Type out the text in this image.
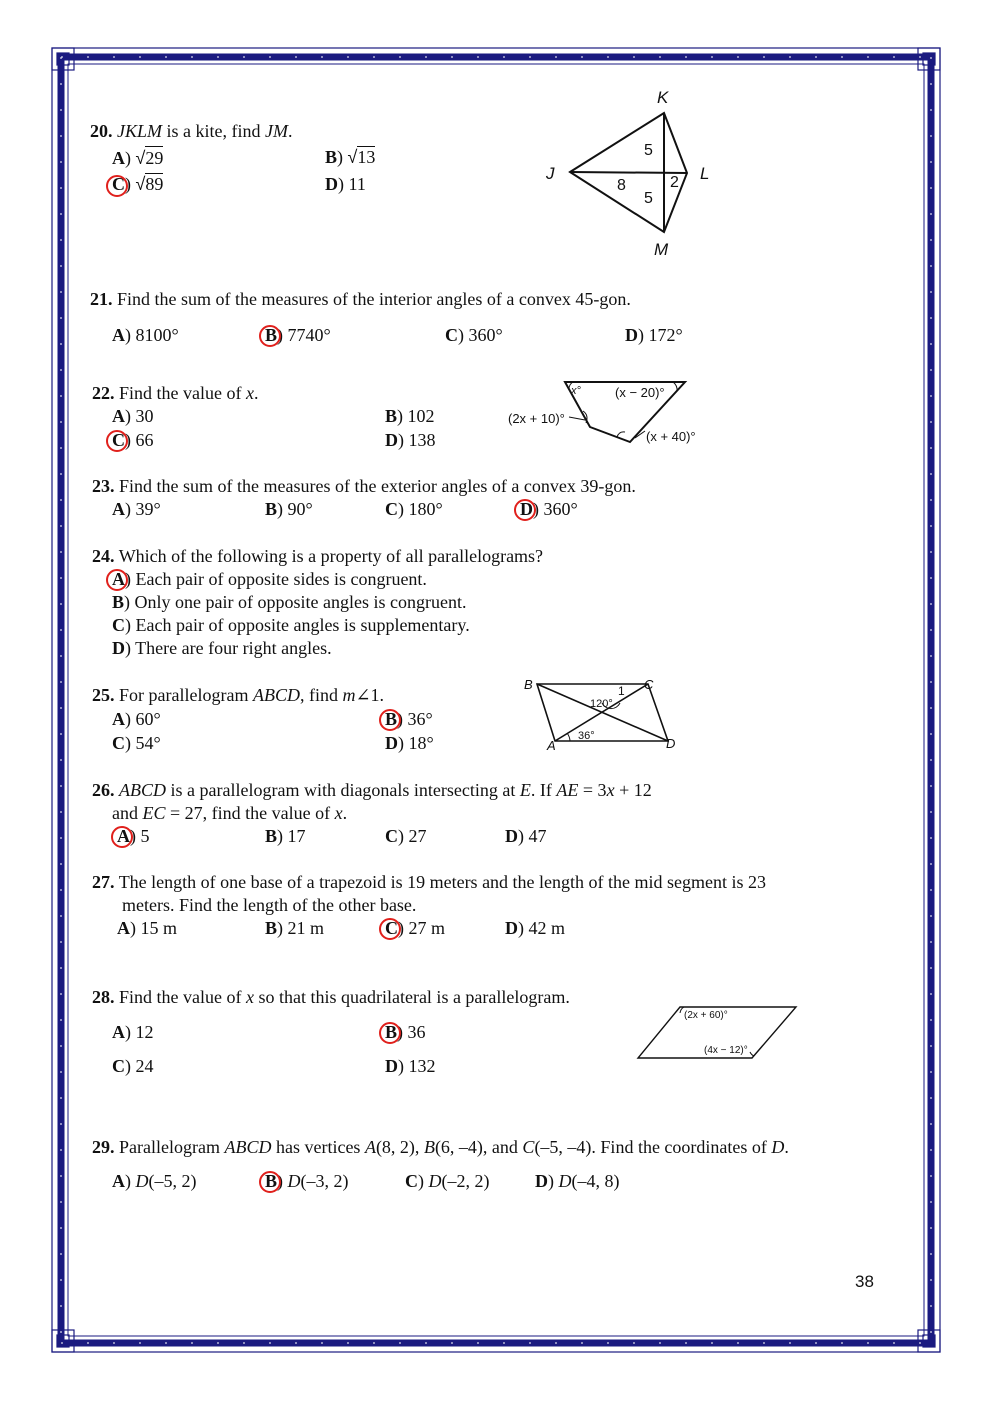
20. JKLM is a kite, find JM.
A) √29	B) √13
C) √89	D) 11
K
J	L
M
5
8
5
2
21. Find the sum of the measures of the interior angles of a convex 45-gon.
A) 8100°	B) 7740°	C) 360°	D) 172°
22. Find the value of x.
A) 30	B) 102
C) 66	D) 138
x°	(x − 20)°
(2x + 10)°
(x + 40)°
23. Find the sum of the measures of the exterior angles of a convex 39-gon.
A) 39°	B) 90°	C) 180°	D) 360°
24. Which of the following is a property of all parallelograms?
A) Each pair of opposite sides is congruent.
B) Only one pair of opposite angles is congruent.
C) Each pair of opposite angles is supplementary.
D) There are four right angles.
25. For parallelogram ABCD, find m∠1.
A) 60°	B) 36°
C) 54°	D) 18°
B	C
A	D
120°
1
36°
26. ABCD is a parallelogram with diagonals intersecting at E. If AE = 3x + 12
and EC = 27, find the value of x.
A) 5	B) 17	C) 27	D) 47
27. The length of one base of a trapezoid is 19 meters and the length of the mid segment is 23
meters. Find the length of the other base.
A) 15 m	B) 21 m	C) 27 m	D) 42 m
28. Find the value of x so that this quadrilateral is a parallelogram.
A) 12	B) 36
C) 24	D) 132
(2x + 60)°
(4x − 12)°
29. Parallelogram ABCD has vertices A(8, 2), B(6, –4), and C(–5, –4). Find the coordinates of D.
A) D(–5, 2)	B) D(–3, 2)	C) D(–2, 2)	D) D(–4, 8)
38
